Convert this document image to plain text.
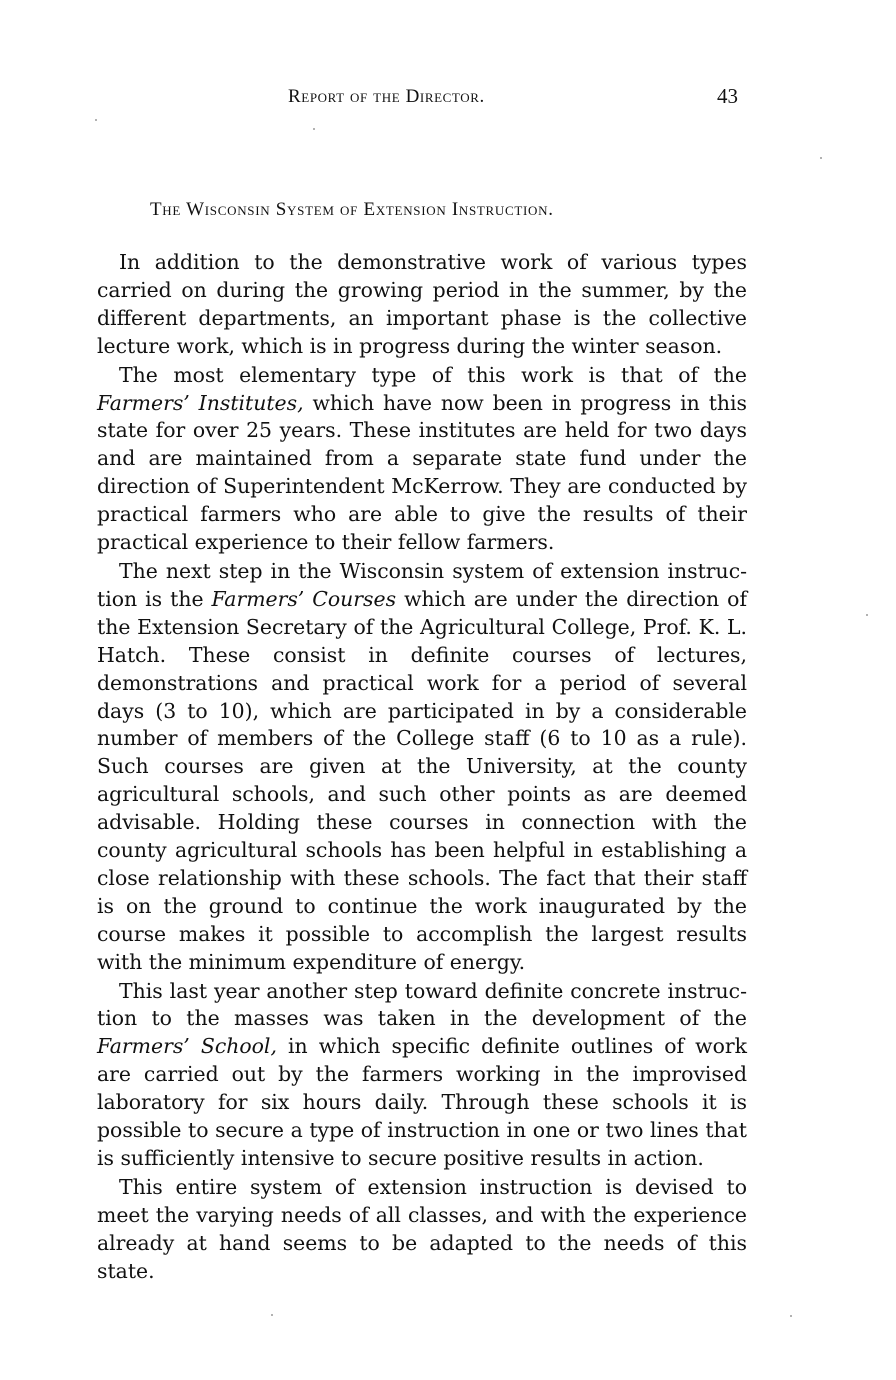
Report of the Director.	43
The Wisconsin System of Extension Instruction.

In addition to the demonstrative work of various types carried on during the growing period in the summer, by the different departments, an important phase is the collective lecture work, which is in progress during the winter season.

The most elementary type of this work is that of the Farmers’ Institutes, which have now been in progress in this state for over 25 years. These institutes are held for two days and are maintained from a separate state fund under the direction of Superintendent McKerrow. They are conducted by practical farmers who are able to give the results of their practical experience to their fellow farmers.

The next step in the Wisconsin system of extension instruction is the Farmers’ Courses which are under the direction of the Extension Secretary of the Agricultural College, Prof. K. L. Hatch. These consist in definite courses of lectures, demonstrations and practical work for a period of several days (3 to 10), which are participated in by a considerable number of members of the College staff (6 to 10 as a rule). Such courses are given at the University, at the county agricultural schools, and such other points as are deemed advisable. Holding these courses in connection with the county agricultural schools has been helpful in establishing a close relationship with these schools. The fact that their staff is on the ground to continue the work inaugurated by the course makes it possible to accomplish the largest results with the minimum expenditure of energy.

This last year another step toward definite concrete instruction to the masses was taken in the development of the Farmers’ School, in which specific definite outlines of work are carried out by the farmers working in the improvised laboratory for six hours daily. Through these schools it is possible to secure a type of instruction in one or two lines that is sufficiently intensive to secure positive results in action.

This entire system of extension instruction is devised to meet the varying needs of all classes, and with the experience already at hand seems to be adapted to the needs of this state.
